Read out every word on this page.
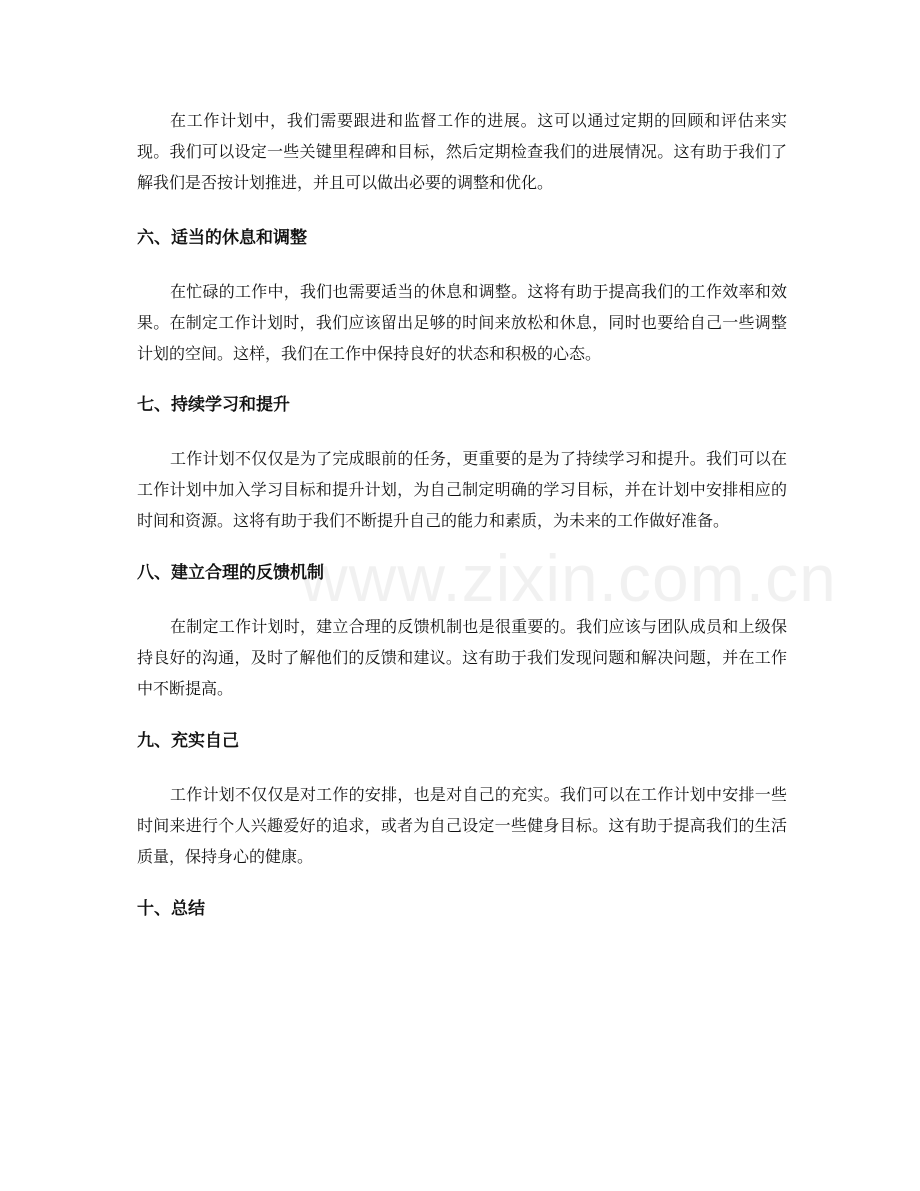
在工作计划中，我们需要跟进和监督工作的进展。这可以通过定期的回顾和评估来实现。我们可以设定一些关键里程碑和目标，然后定期检查我们的进展情况。这有助于我们了解我们是否按计划推进，并且可以做出必要的调整和优化。

六、适当的休息和调整

在忙碌的工作中，我们也需要适当的休息和调整。这将有助于提高我们的工作效率和效果。在制定工作计划时，我们应该留出足够的时间来放松和休息，同时也要给自己一些调整计划的空间。这样，我们在工作中保持良好的状态和积极的心态。

七、持续学习和提升

工作计划不仅仅是为了完成眼前的任务，更重要的是为了持续学习和提升。我们可以在工作计划中加入学习目标和提升计划，为自己制定明确的学习目标，并在计划中安排相应的时间和资源。这将有助于我们不断提升自己的能力和素质，为未来的工作做好准备。

八、建立合理的反馈机制

在制定工作计划时，建立合理的反馈机制也是很重要的。我们应该与团队成员和上级保持良好的沟通，及时了解他们的反馈和建议。这有助于我们发现问题和解决问题，并在工作中不断提高。

九、充实自己

工作计划不仅仅是对工作的安排，也是对自己的充实。我们可以在工作计划中安排一些时间来进行个人兴趣爱好的追求，或者为自己设定一些健身目标。这有助于提高我们的生活质量，保持身心的健康。

十、总结
www.zixin.com.cn
